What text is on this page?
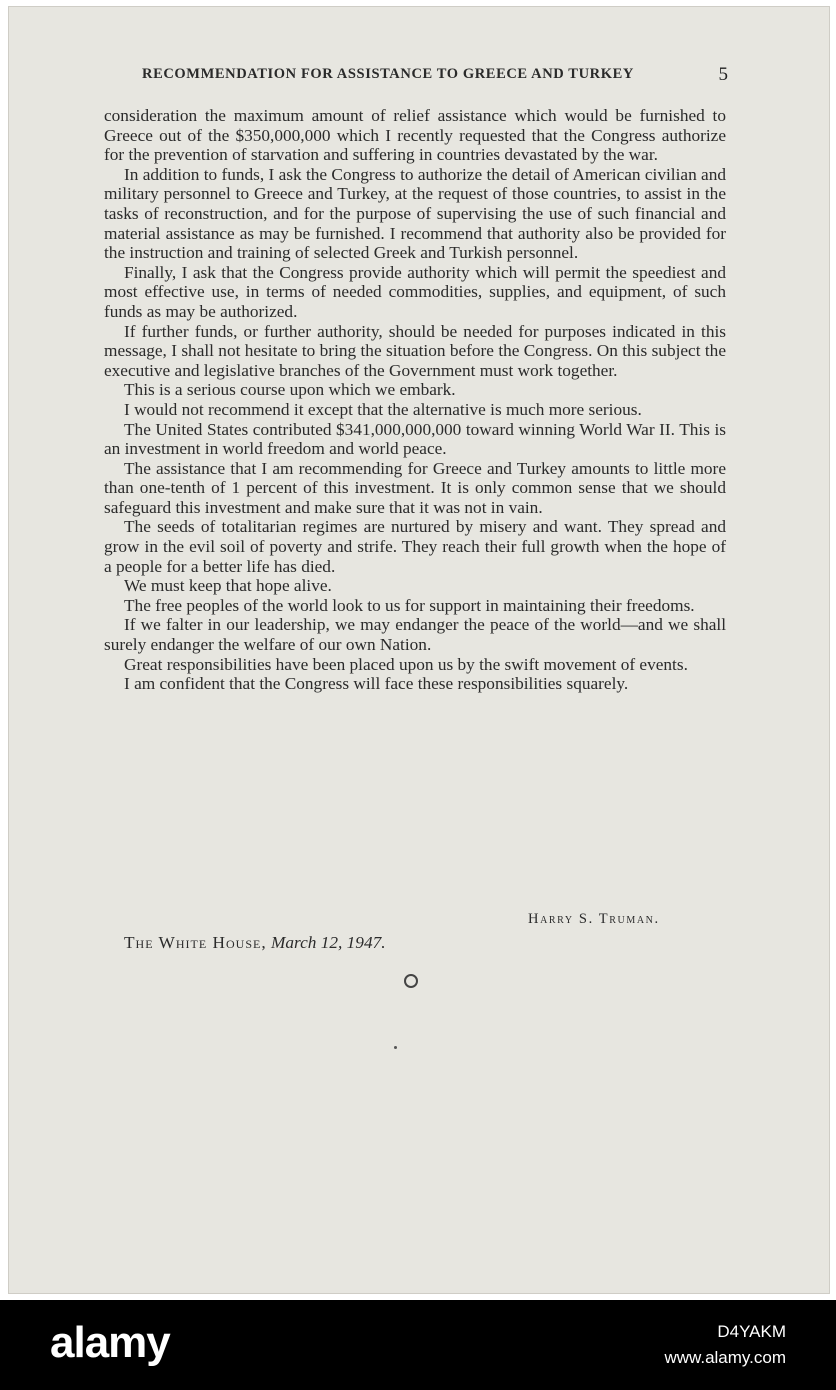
RECOMMENDATION FOR ASSISTANCE TO GREECE AND TURKEY	5

consideration the maximum amount of relief assistance which would be furnished to Greece out of the $350,000,000 which I recently requested that the Congress authorize for the prevention of starvation and suffering in countries devastated by the war.

In addition to funds, I ask the Congress to authorize the detail of American civilian and military personnel to Greece and Turkey, at the request of those countries, to assist in the tasks of reconstruction, and for the purpose of supervising the use of such financial and material assistance as may be furnished. I recommend that authority also be provided for the instruction and training of selected Greek and Turkish personnel.

Finally, I ask that the Congress provide authority which will permit the speediest and most effective use, in terms of needed commodities, supplies, and equipment, of such funds as may be authorized.

If further funds, or further authority, should be needed for purposes indicated in this message, I shall not hesitate to bring the situation before the Congress. On this subject the executive and legislative branches of the Government must work together.

This is a serious course upon which we embark.

I would not recommend it except that the alternative is much more serious.

The United States contributed $341,000,000,000 toward winning World War II. This is an investment in world freedom and world peace.

The assistance that I am recommending for Greece and Turkey amounts to little more than one-tenth of 1 percent of this investment. It is only common sense that we should safeguard this investment and make sure that it was not in vain.

The seeds of totalitarian regimes are nurtured by misery and want. They spread and grow in the evil soil of poverty and strife. They reach their full growth when the hope of a people for a better life has died.

We must keep that hope alive.

The free peoples of the world look to us for support in maintaining their freedoms.

If we falter in our leadership, we may endanger the peace of the world—and we shall surely endanger the welfare of our own Nation.

Great responsibilities have been placed upon us by the swift movement of events.

I am confident that the Congress will face these responsibilities squarely.

Harry S. Truman.
The White House, March 12, 1947.
alamy	D4YAKM
www.alamy.com
